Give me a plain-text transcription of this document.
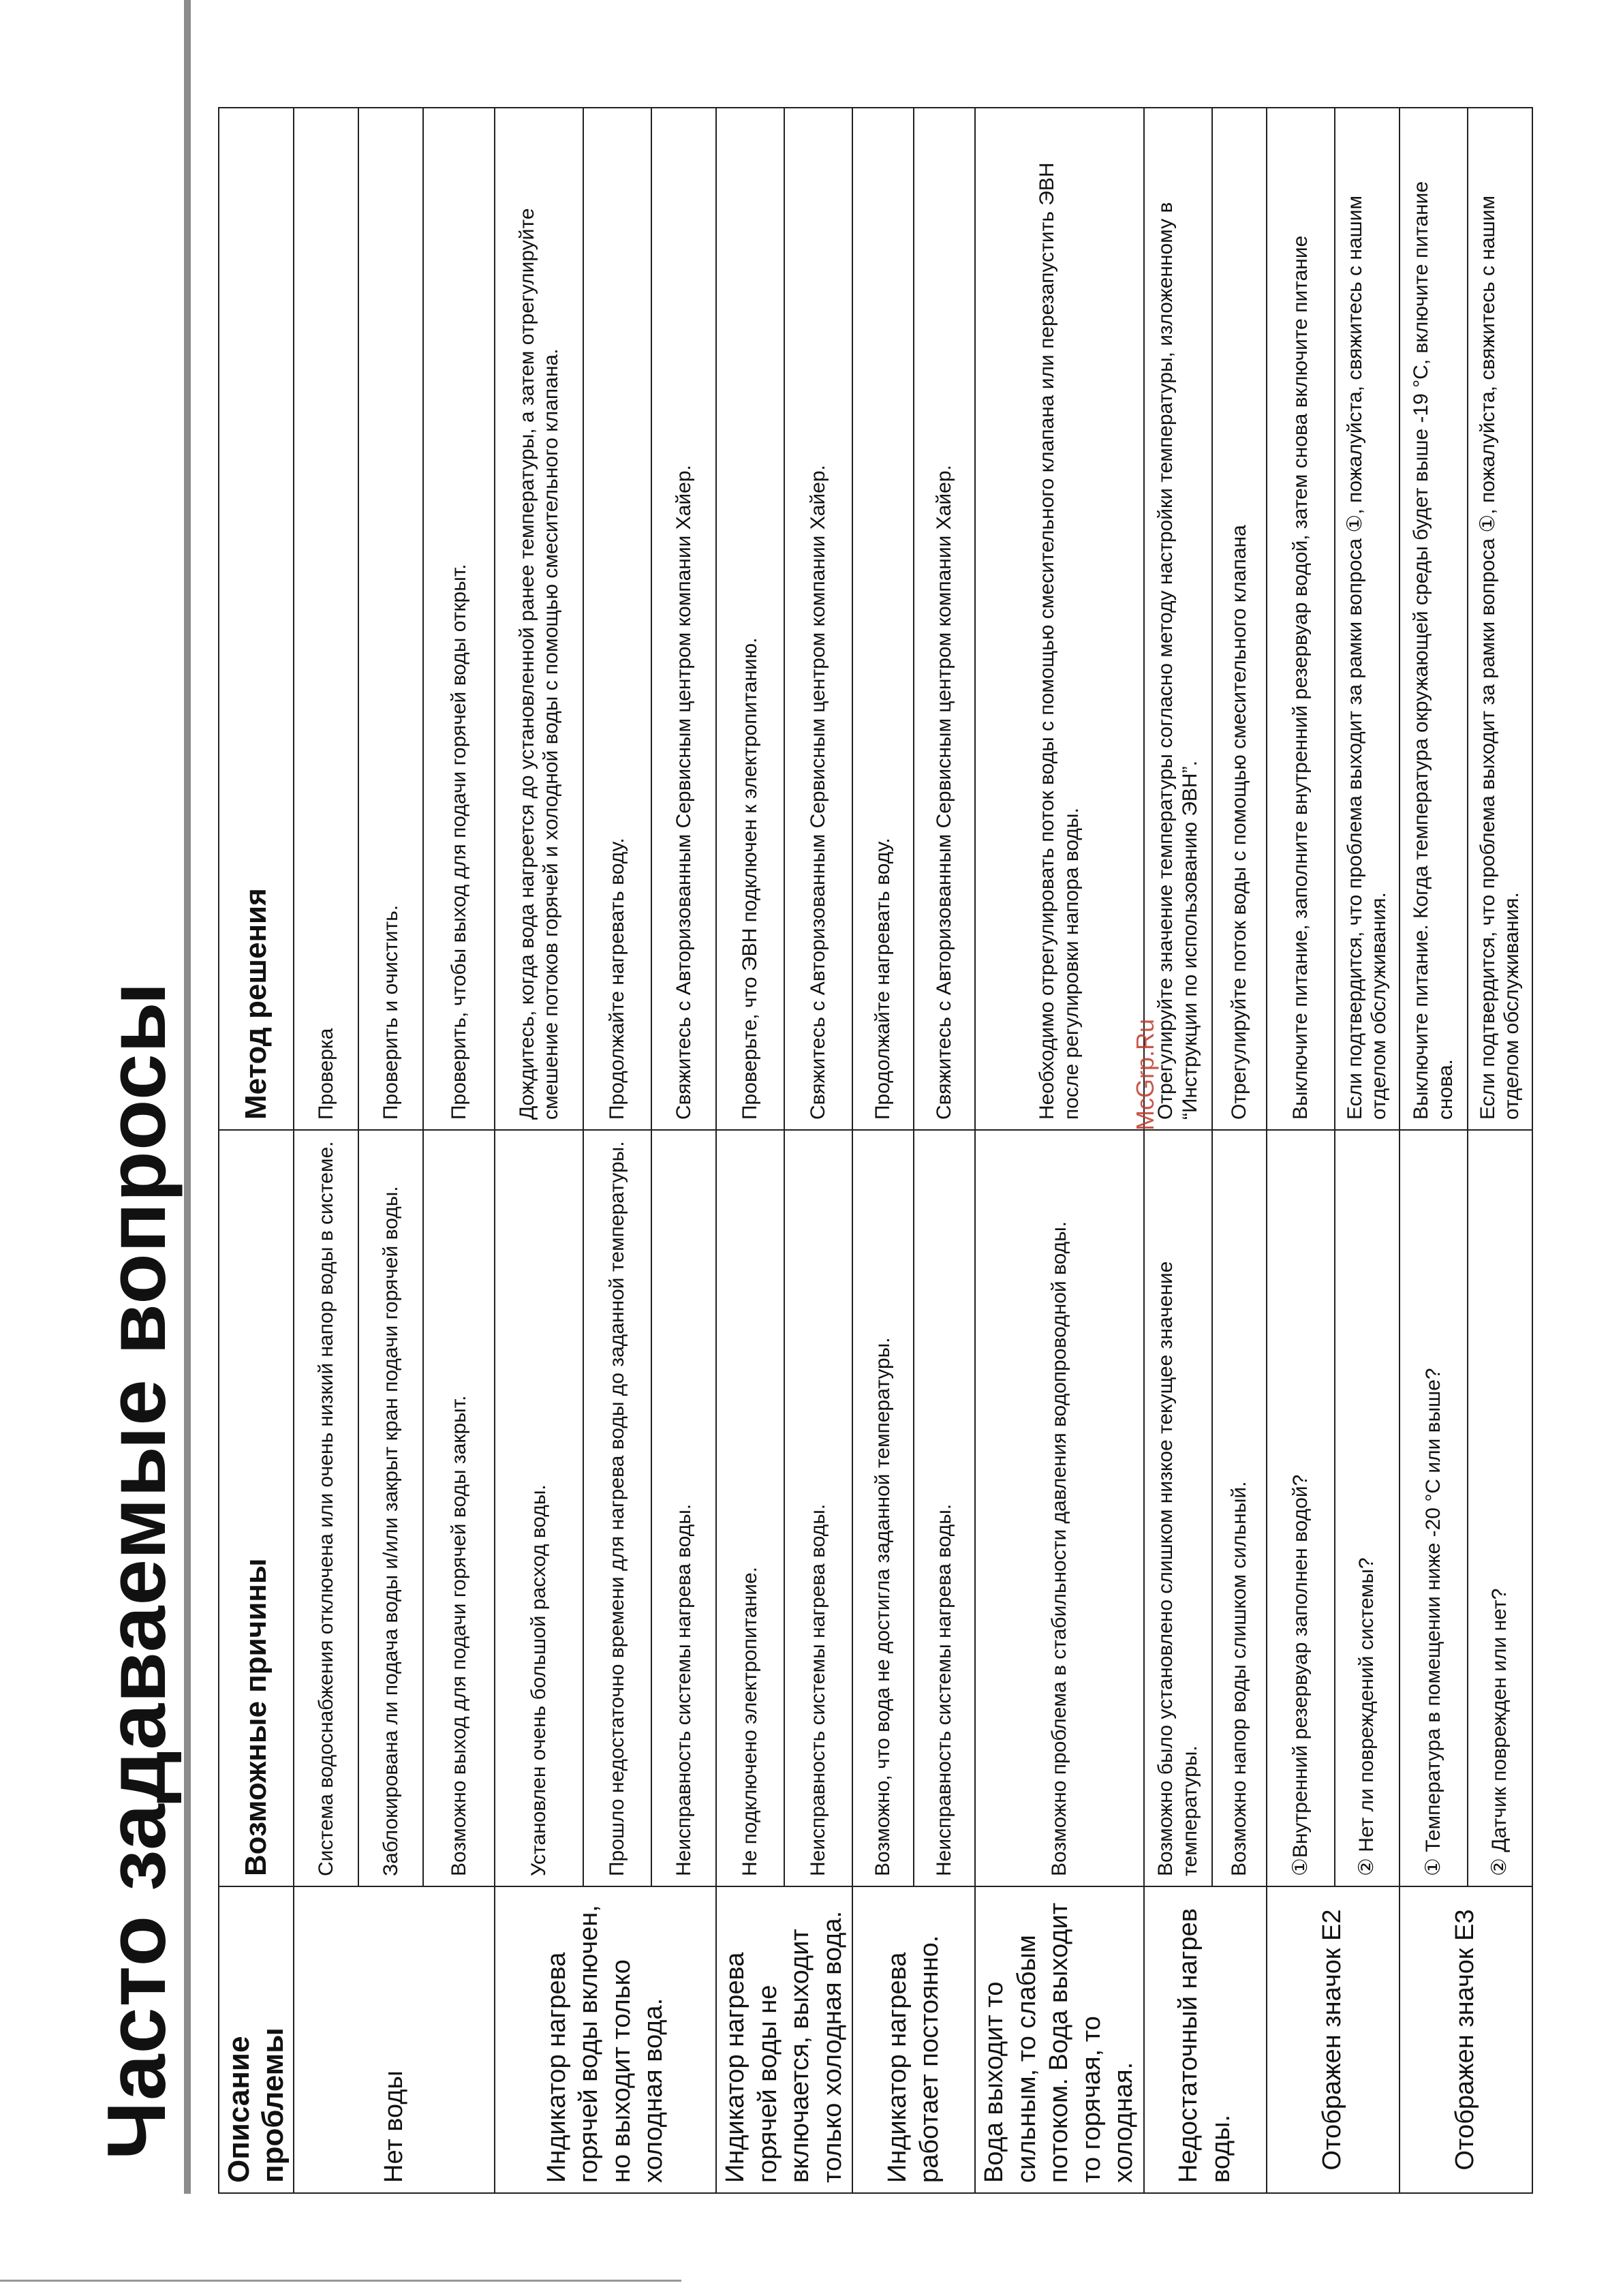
Часто задаваемые вопросы Описание проблемы	Возможные причины	Метод решения
Нет воды	Система водоснабжения отключена или очень низкий напор воды в системе.	Проверка
	Заблокирована ли подача воды и/или закрыт кран подачи горячей воды.	Проверить и очистить.
	Возможно выход для подачи горячей воды закрыт.	Проверить, чтобы выход для подачи горячей воды открыт.
Индикатор нагрева горячей воды включен, но выходит только холодная вода.	Установлен очень большой расход воды.	Дождитесь, когда вода нагреется до установленной ранее температуры, а затем отрегулируйте смешение потоков горячей и холодной воды с помощью смесительного клапана.
	Прошло недостаточно времени для нагрева воды до заданной температуры.	Продолжайте нагревать воду.
	Неисправность системы нагрева воды.	Свяжитесь с Авторизованным Сервисным центром компании Хайер.
Индикатор нагрева горячей воды не включается, выходит только холодная вода.	Не подключено электропитание.	Проверьте, что ЭВН подключен к электропитанию.
	Неисправность системы нагрева воды.	Свяжитесь с Авторизованным Сервисным центром компании Хайер.
Индикатор нагрева работает постоянно.	Возможно, что вода не достигла заданной температуры.	Продолжайте нагревать воду.
	Неисправность системы нагрева воды.	Свяжитесь с Авторизованным Сервисным центром компании Хайер.
Вода выходит то сильным, то слабым потоком. Вода выходит то горячая, то холодная.	Возможно проблема в стабильности давления водопроводной воды.	Необходимо отрегулировать поток воды с помощью смесительного клапана или перезапустить ЭВН после регулировки напора воды.
Недостаточный нагрев воды.	Возможно было установлено слишком низкое текущее значение температуры.	Отрегулируйте значение температуры согласно методу настройки температуры, изложенному в “Инструкции по использованию ЭВН”.
	Возможно напор воды слишком сильный.	Отрегулируйте поток воды с помощью смесительного клапана
Отображен значок E2	①Внутренний резервуар заполнен водой?	Выключите питание, заполните внутренний резервуар водой, затем снова включите питание
	② Нет ли повреждений системы?	Если подтвердится, что проблема выходит за рамки вопроса ①, пожалуйста, свяжитесь с нашим отделом обслуживания.
Отображен значок E3	① Температура в помещении ниже -20 °C или выше?	Выключите питание. Когда температура окружающей среды будет выше -19 °C, включите питание снова.
	② Датчик поврежден или нет?	Если подтвердится, что проблема выходит за рамки вопроса ①, пожалуйста, свяжитесь с нашим отделом обслуживания.
McGrp.Ru
